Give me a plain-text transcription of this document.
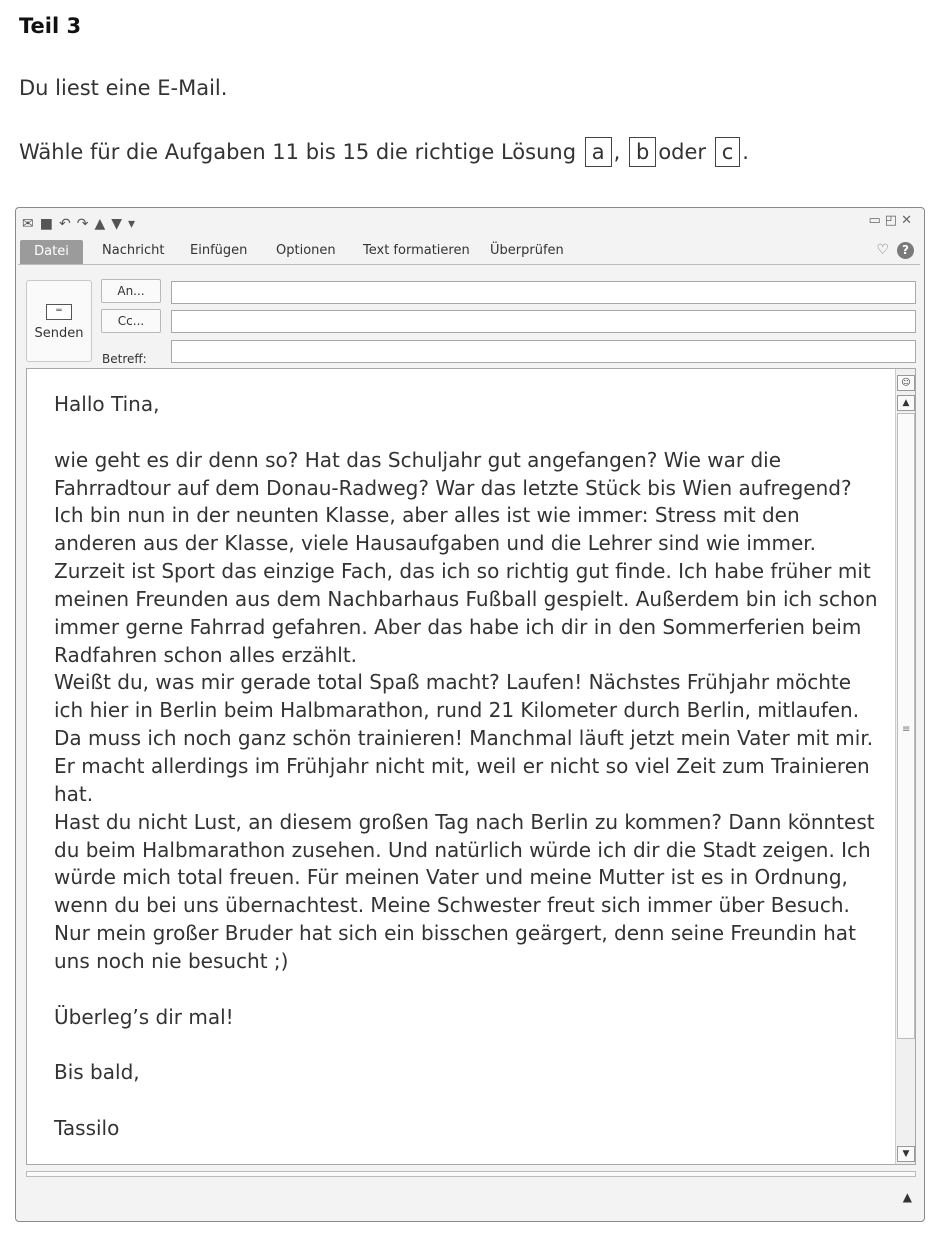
Teil 3
Du liest eine E-Mail.
Wähle für die Aufgaben 11 bis 15 die richtige Lösung a , b oder c .
✉ ■ ↶ ↷ ▲ ▼ ▾	▭◰✕
Datei	Nachricht Einfügen Optionen Text formatieren Überprüfen	♡ ?
═
Senden
An...
Cc...
Betreff:

Hallo Tina,

wie geht es dir denn so? Hat das Schuljahr gut angefangen? Wie war die Fahrradtour auf dem Donau-Radweg? War das letzte Stück bis Wien aufregend? Ich bin nun in der neunten Klasse, aber alles ist wie immer: Stress mit den anderen aus der Klasse, viele Hausaufgaben und die Lehrer sind wie immer. Zurzeit ist Sport das einzige Fach, das ich so richtig gut finde. Ich habe früher mit meinen Freunden aus dem Nachbarhaus Fußball gespielt. Außerdem bin ich schon immer gerne Fahrrad gefahren. Aber das habe ich dir in den Sommerferien beim Radfahren schon alles erzählt.

Weißt du, was mir gerade total Spaß macht? Laufen! Nächstes Frühjahr möchte ich hier in Berlin beim Halbmarathon, rund 21 Kilometer durch Berlin, mitlaufen. Da muss ich noch ganz schön trainieren! Manchmal läuft jetzt mein Vater mit mir. Er macht allerdings im Frühjahr nicht mit, weil er nicht so viel Zeit zum Trainieren hat.

Hast du nicht Lust, an diesem großen Tag nach Berlin zu kommen? Dann könntest du beim Halbmarathon zusehen. Und natürlich würde ich dir die Stadt zeigen. Ich würde mich total freuen. Für meinen Vater und meine Mutter ist es in Ordnung, wenn du bei uns übernachtest. Meine Schwester freut sich immer über Besuch. Nur mein großer Bruder hat sich ein bisschen geärgert, denn seine Freundin hat uns noch nie besucht ;)

Überleg’s dir mal!

Bis bald,

Tassilo

☺
▲
≡
▼
▲
